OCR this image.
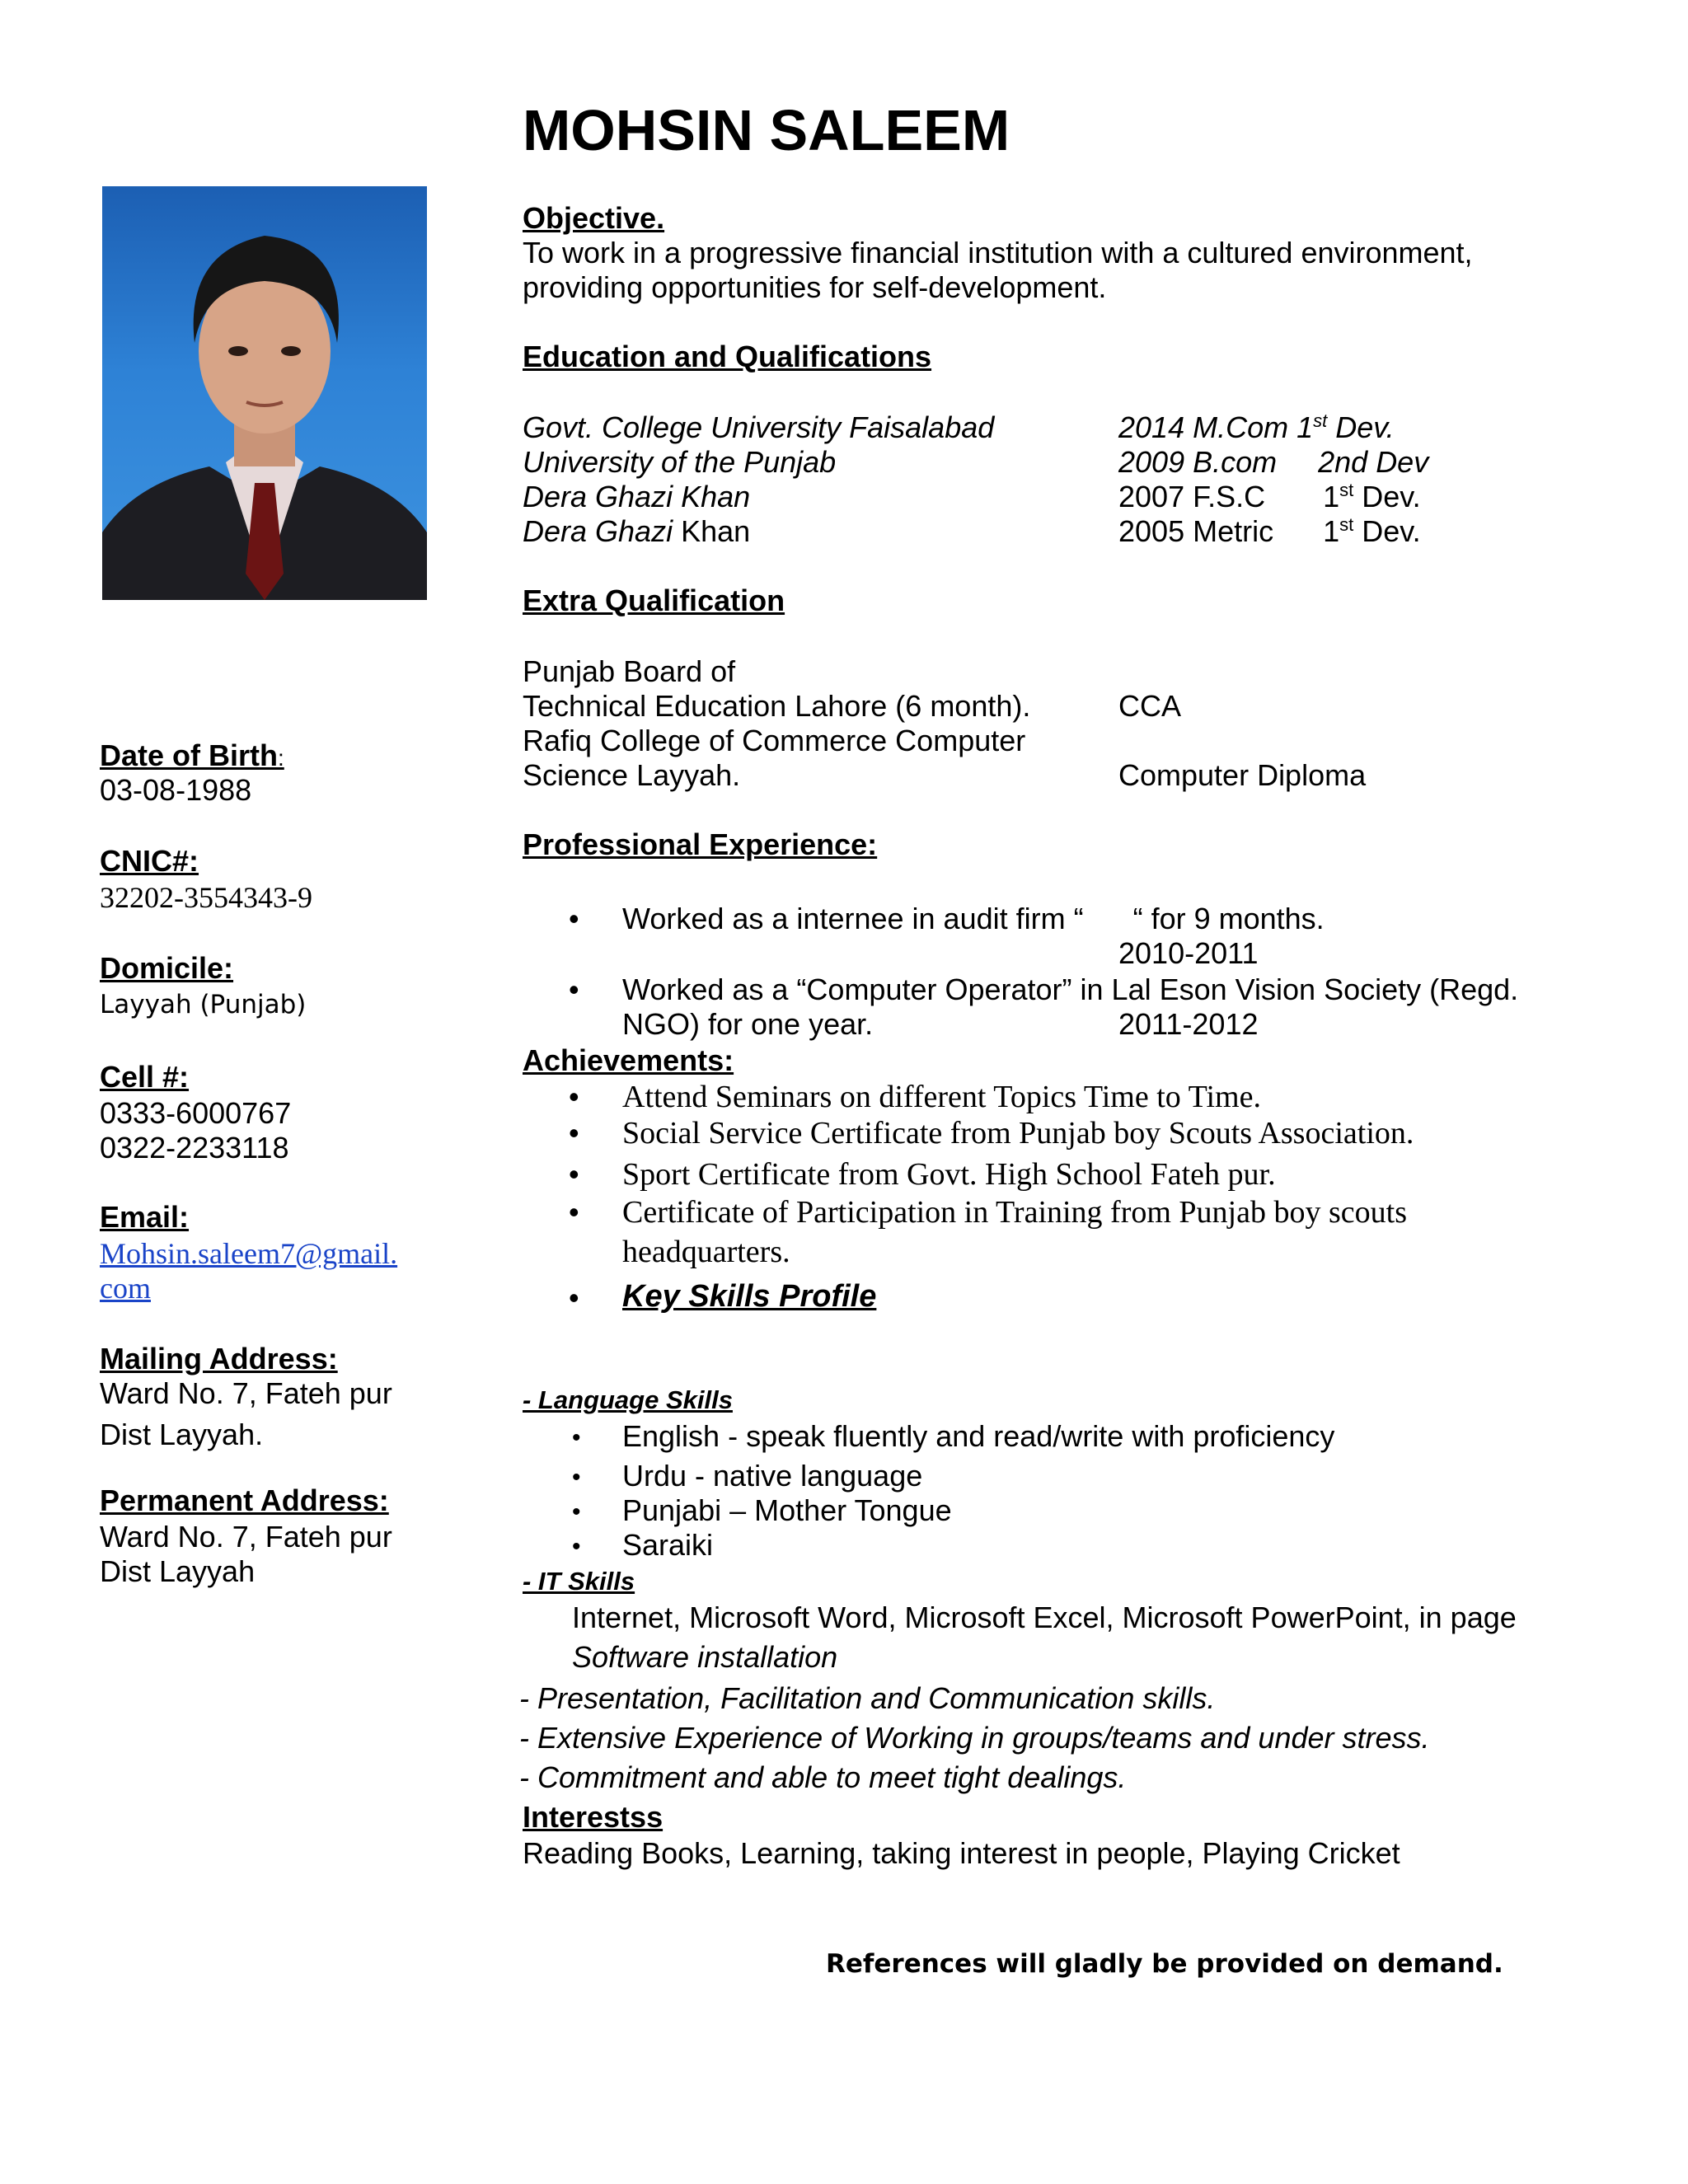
MOHSIN SALEEM
Date of Birth:
03-08-1988
CNIC#:
32202-3554343-9
Domicile:
Layyah (Punjab)
Cell #:
0333-6000767
0322-2233118
Email:
Mohsin.saleem7@gmail.
com
Mailing Address:
Ward No. 7, Fateh pur
Dist Layyah.
Permanent Address:
Ward No. 7, Fateh pur
Dist Layyah
Objective.
To work in a progressive financial institution with a cultured environment,
providing opportunities for self-development.
Education and Qualifications
Govt. College University Faisalabad	2014 M.Com 1st Dev.
University of the Punjab	2009 B.com     2nd Dev
Dera Ghazi Khan	2007 F.S.C       1st Dev.
Dera Ghazi Khan	2005 Metric      1st Dev.
Extra Qualification
Punjab Board of
Technical Education Lahore (6 month).	CCA
Rafiq College of Commerce Computer
Science Layyah.	Computer Diploma
Professional Experience:
• Worked as a internee in audit firm “      “ for 9 months.
2010-2011
• Worked as a “Computer Operator” in Lal Eson Vision Society (Regd.
NGO) for one year.	2011-2012
Achievements:
• Attend Seminars on different Topics Time to Time.
• Social Service Certificate from Punjab boy Scouts Association.
• Sport Certificate from Govt. High School Fateh pur.
• Certificate of Participation in Training from Punjab boy scouts
headquarters.
• Key Skills Profile
- Language Skills
• English - speak fluently and read/write with proficiency
• Urdu - native language
• Punjabi – Mother Tongue
• Saraiki
- IT Skills
Internet, Microsoft Word, Microsoft Excel, Microsoft PowerPoint, in page
Software installation
- Presentation, Facilitation and Communication skills.
- Extensive Experience of Working in groups/teams and under stress.
- Commitment and able to meet tight dealings.
Interestss
Reading Books, Learning, taking interest in people, Playing Cricket
References will gladly be provided on demand.
